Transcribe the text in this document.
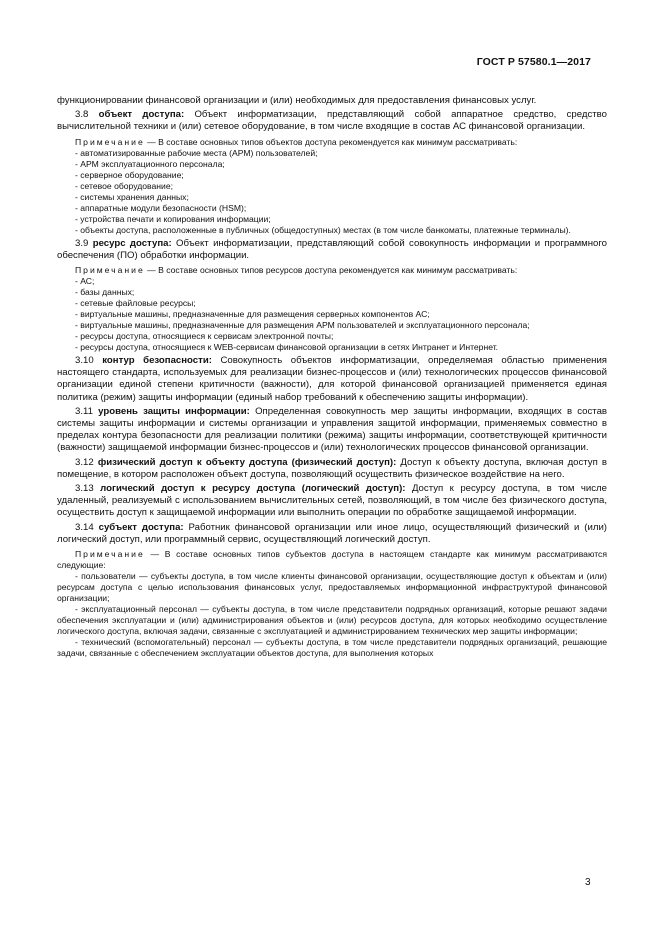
ГОСТ Р 57580.1—2017

функционировании финансовой организации и (или) необходимых для предоставления финансовых услуг.

3.8 объект доступа: Объект информатизации, представляющий собой аппаратное средство, средство вычислительной техники и (или) сетевое оборудование, в том числе входящие в состав АС финансовой организации.

Примечание — В составе основных типов объектов доступа рекомендуется как минимум рассматривать:

- автоматизированные рабочие места (АРМ) пользователей;

- АРМ эксплуатационного персонала;

- серверное оборудование;

- сетевое оборудование;

- системы хранения данных;

- аппаратные модули безопасности (HSM);

- устройства печати и копирования информации;

- объекты доступа, расположенные в публичных (общедоступных) местах (в том числе банкоматы, платежные терминалы).

3.9 ресурс доступа: Объект информатизации, представляющий собой совокупность информации и программного обеспечения (ПО) обработки информации.

Примечание — В составе основных типов ресурсов доступа рекомендуется как минимум рассматривать:

- АС;

- базы данных;

- сетевые файловые ресурсы;

- виртуальные машины, предназначенные для размещения серверных компонентов АС;

- виртуальные машины, предназначенные для размещения АРМ пользователей и эксплуатационного персонала;

- ресурсы доступа, относящиеся к сервисам электронной почты;

- ресурсы доступа, относящиеся к WEB-сервисам финансовой организации в сетях Интранет и Интернет.

3.10 контур безопасности: Совокупность объектов информатизации, определяемая областью применения настоящего стандарта, используемых для реализации бизнес-процессов и (или) технологических процессов финансовой организации единой степени критичности (важности), для которой финансовой организацией применяется единая политика (режим) защиты информации (единый набор требований к обеспечению защиты информации).

3.11 уровень защиты информации: Определенная совокупность мер защиты информации, входящих в состав системы защиты информации и системы организации и управления защитой информации, применяемых совместно в пределах контура безопасности для реализации политики (режима) защиты информации, соответствующей критичности (важности) защищаемой информации бизнес-процессов и (или) технологических процессов финансовой организации.

3.12 физический доступ к объекту доступа (физический доступ): Доступ к объекту доступа, включая доступ в помещение, в котором расположен объект доступа, позволяющий осуществить физическое воздействие на него.

3.13 логический доступ к ресурсу доступа (логический доступ): Доступ к ресурсу доступа, в том числе удаленный, реализуемый с использованием вычислительных сетей, позволяющий, в том числе без физического доступа, осуществить доступ к защищаемой информации или выполнить операции по обработке защищаемой информации.

3.14 субъект доступа: Работник финансовой организации или иное лицо, осуществляющий физический и (или) логический доступ, или программный сервис, осуществляющий логический доступ.

Примечание — В составе основных типов субъектов доступа в настоящем стандарте как минимум рассматриваются следующие:

- пользователи — субъекты доступа, в том числе клиенты финансовой организации, осуществляющие доступ к объектам и (или) ресурсам доступа с целью использования финансовых услуг, предоставляемых информационной инфраструктурой финансовой организации;

- эксплуатационный персонал — субъекты доступа, в том числе представители подрядных организаций, которые решают задачи обеспечения эксплуатации и (или) администрирования объектов и (или) ресурсов доступа, для которых необходимо осуществление логического доступа, включая задачи, связанные с эксплуатацией и администрированием технических мер защиты информации;

- технический (вспомогательный) персонал — субъекты доступа, в том числе представители подрядных организаций, решающие задачи, связанные с обеспечением эксплуатации объектов доступа, для выполнения которых

3
